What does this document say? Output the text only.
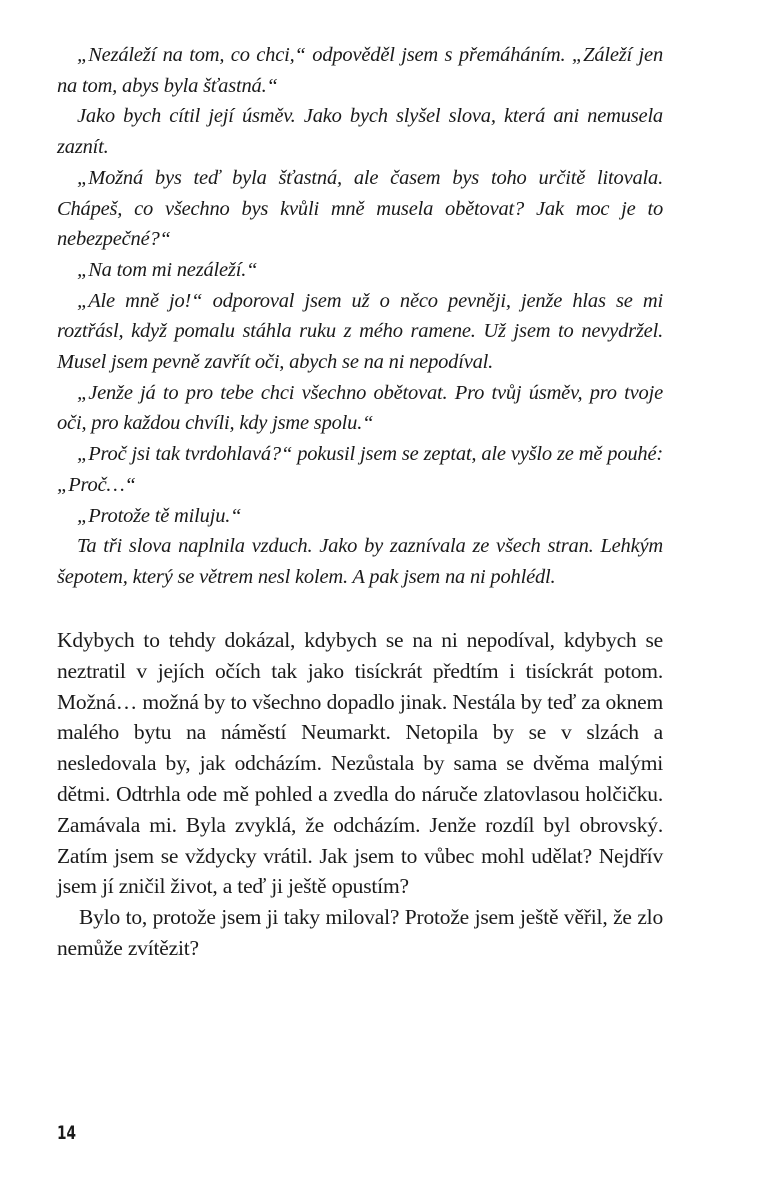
„Nezáleží na tom, co chci,“ odpověděl jsem s přemáháním. „Záleží jen na tom, abys byla šťastná.“

Jako bych cítil její úsměv. Jako bych slyšel slova, která ani nemusela zaznít.

„Možná bys teď byla šťastná, ale časem bys toho určitě litovala. Chápeš, co všechno bys kvůli mně musela obětovat? Jak moc je to nebezpečné?“

„Na tom mi nezáleží.“

„Ale mně jo!“ odporoval jsem už o něco pevněji, jenže hlas se mi roztřásl, když pomalu stáhla ruku z mého ramene. Už jsem to nevydržel. Musel jsem pevně zavřít oči, abych se na ni nepodíval.

„Jenže já to pro tebe chci všechno obětovat. Pro tvůj úsměv, pro tvoje oči, pro každou chvíli, kdy jsme spolu.“

„Proč jsi tak tvrdohlavá?“ pokusil jsem se zeptat, ale vyšlo ze mě pouhé: „Proč…“

„Protože tě miluju.“

Ta tři slova naplnila vzduch. Jako by zaznívala ze všech stran. Lehkým šepotem, který se větrem nesl kolem. A pak jsem na ni pohlédl.

Kdybych to tehdy dokázal, kdybych se na ni nepodíval, kdybych se neztratil v jejích očích tak jako tisíckrát předtím i tisíckrát potom. Možná… možná by to všechno dopadlo jinak. Nestála by teď za oknem malého bytu na náměstí Neumarkt. Netopila by se v slzách a nesledovala by, jak odcházím. Nezůstala by sama se dvěma malými dětmi. Odtrhla ode mě pohled a zvedla do náruče zlatovlasou holčičku. Zamávala mi. Byla zvyklá, že odcházím. Jenže rozdíl byl obrovský. Zatím jsem se vždycky vrátil. Jak jsem to vůbec mohl udělat? Nejdřív jsem jí zničil život, a teď ji ještě opustím?

Bylo to, protože jsem ji taky miloval? Protože jsem ještě věřil, že zlo nemůže zvítězit?

14
